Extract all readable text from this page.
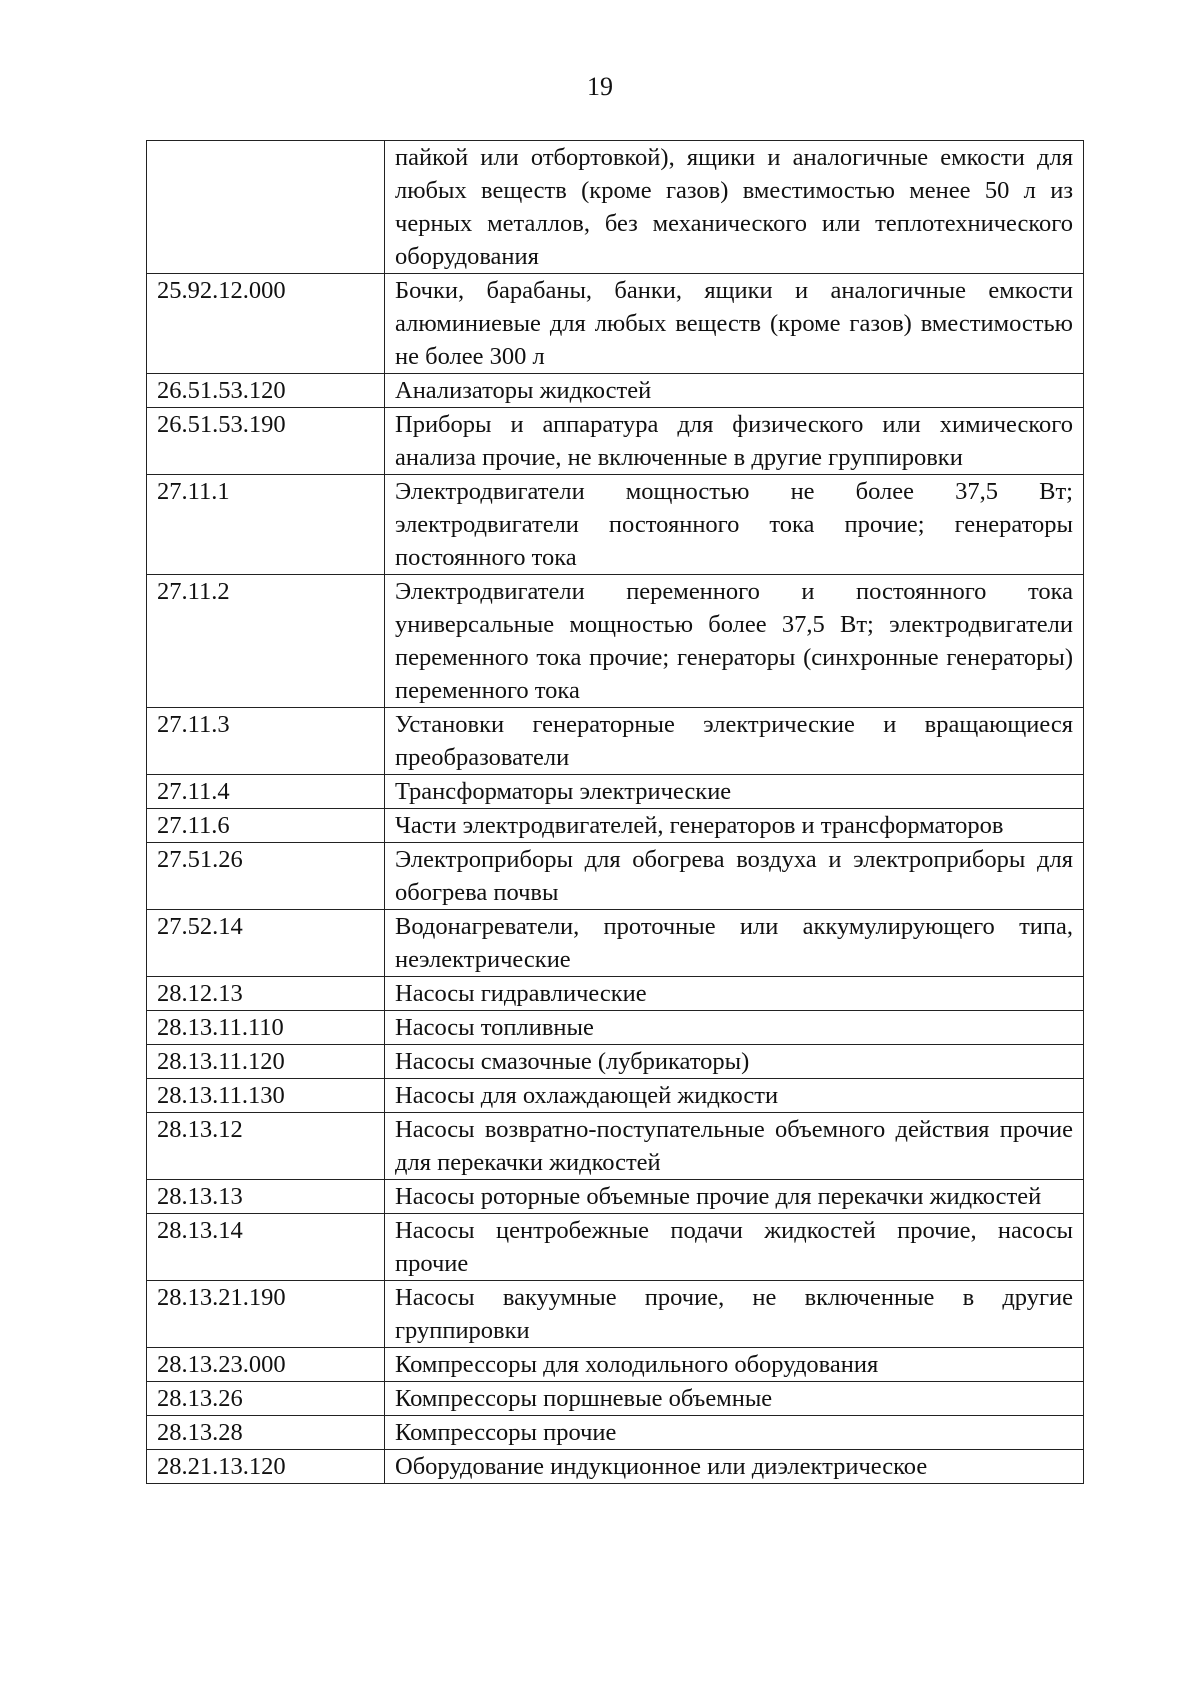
19
	пайкой или отбортовкой), ящики и аналогичные емкости для любых веществ (кроме газов) вместимостью менее 50 л из черных металлов, без механического или теплотехнического оборудования
25.92.12.000	Бочки, барабаны, банки, ящики и аналогичные емкости алюминиевые для любых веществ (кроме газов) вместимостью не более 300 л
26.51.53.120	Анализаторы жидкостей
26.51.53.190	Приборы и аппаратура для физического или химического анализа прочие, не включенные в другие группировки
27.11.1	Электродвигатели мощностью не более 37,5 Вт; электродвигатели постоянного тока прочие; генераторы постоянного тока
27.11.2	Электродвигатели переменного и постоянного тока универсальные мощностью более 37,5 Вт; электродвигатели переменного тока прочие; генераторы (синхронные генераторы) переменного тока
27.11.3	Установки генераторные электрические и вращающиеся преобразователи
27.11.4	Трансформаторы электрические
27.11.6	Части электродвигателей, генераторов и трансформаторов
27.51.26	Электроприборы для обогрева воздуха и электроприборы для обогрева почвы
27.52.14	Водонагреватели, проточные или аккумулирующего типа, неэлектрические
28.12.13	Насосы гидравлические
28.13.11.110	Насосы топливные
28.13.11.120	Насосы смазочные (лубрикаторы)
28.13.11.130	Насосы для охлаждающей жидкости
28.13.12	Насосы возвратно-поступательные объемного действия прочие для перекачки жидкостей
28.13.13	Насосы роторные объемные прочие для перекачки жидкостей
28.13.14	Насосы центробежные подачи жидкостей прочие, насосы прочие
28.13.21.190	Насосы вакуумные прочие, не включенные в другие группировки
28.13.23.000	Компрессоры для холодильного оборудования
28.13.26	Компрессоры поршневые объемные
28.13.28	Компрессоры прочие
28.21.13.120	Оборудование индукционное или диэлектрическое
